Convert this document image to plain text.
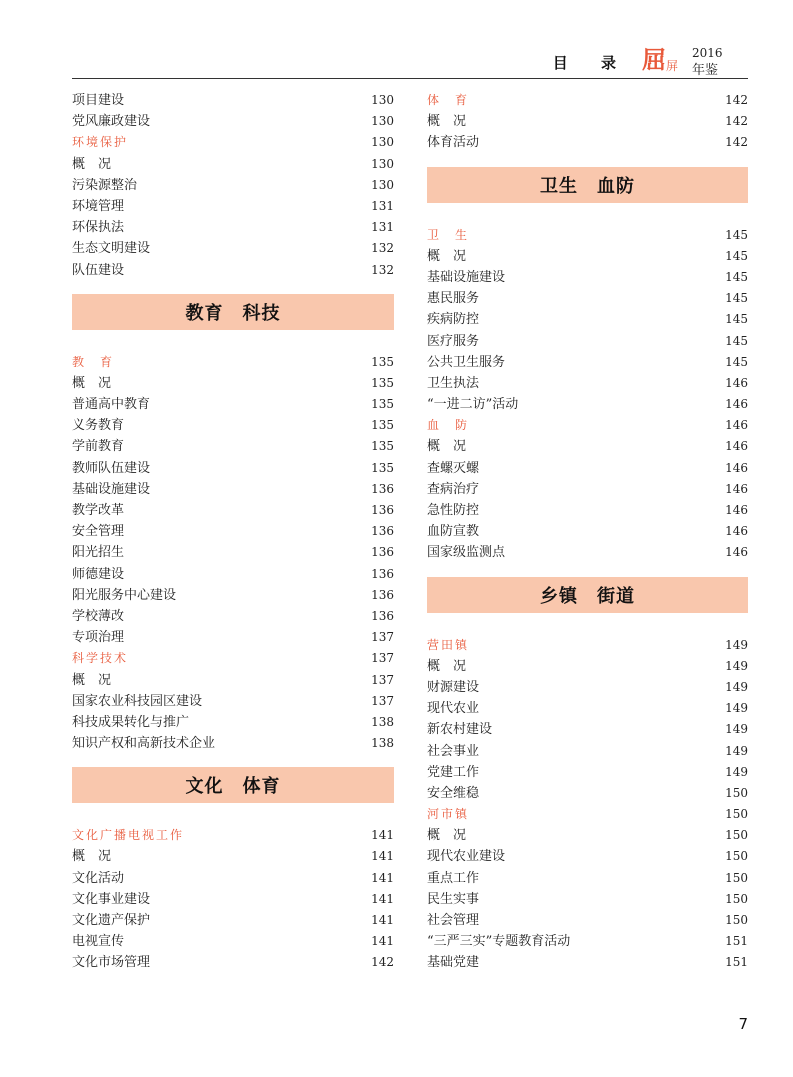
目 录 屈 屏
2016
年鉴
项目建设	130
党风廉政建设	130
环境保护	130
概　况	130
污染源整治	130
环境管理	131
环保执法	131
生态文明建设	132
队伍建设	132
教育　科技
教　育	135
概　况	135
普通高中教育	135
义务教育	135
学前教育	135
教师队伍建设	135
基础设施建设	136
教学改革	136
安全管理	136
阳光招生	136
师德建设	136
阳光服务中心建设	136
学校薄改	136
专项治理	137
科学技术	137
概　况	137
国家农业科技园区建设	137
科技成果转化与推广	138
知识产权和高新技术企业	138
文化　体育
文化广播电视工作	141
概　况	141
文化活动	141
文化事业建设	141
文化遗产保护	141
电视宣传	141
文化市场管理	142
体　育	142
概　况	142
体育活动	142
卫生　血防
卫　生	145
概　况	145
基础设施建设	145
惠民服务	145
疾病防控	145
医疗服务	145
公共卫生服务	145
卫生执法	146
“一进二访”活动	146
血　防	146
概　况	146
查螺灭螺	146
查病治疗	146
急性防控	146
血防宣教	146
国家级监测点	146
乡镇　街道
营田镇	149
概　况	149
财源建设	149
现代农业	149
新农村建设	149
社会事业	149
党建工作	149
安全维稳	150
河市镇	150
概　况	150
现代农业建设	150
重点工作	150
民生实事	150
社会管理	150
“三严三实”专题教育活动	151
基础党建	151
7
